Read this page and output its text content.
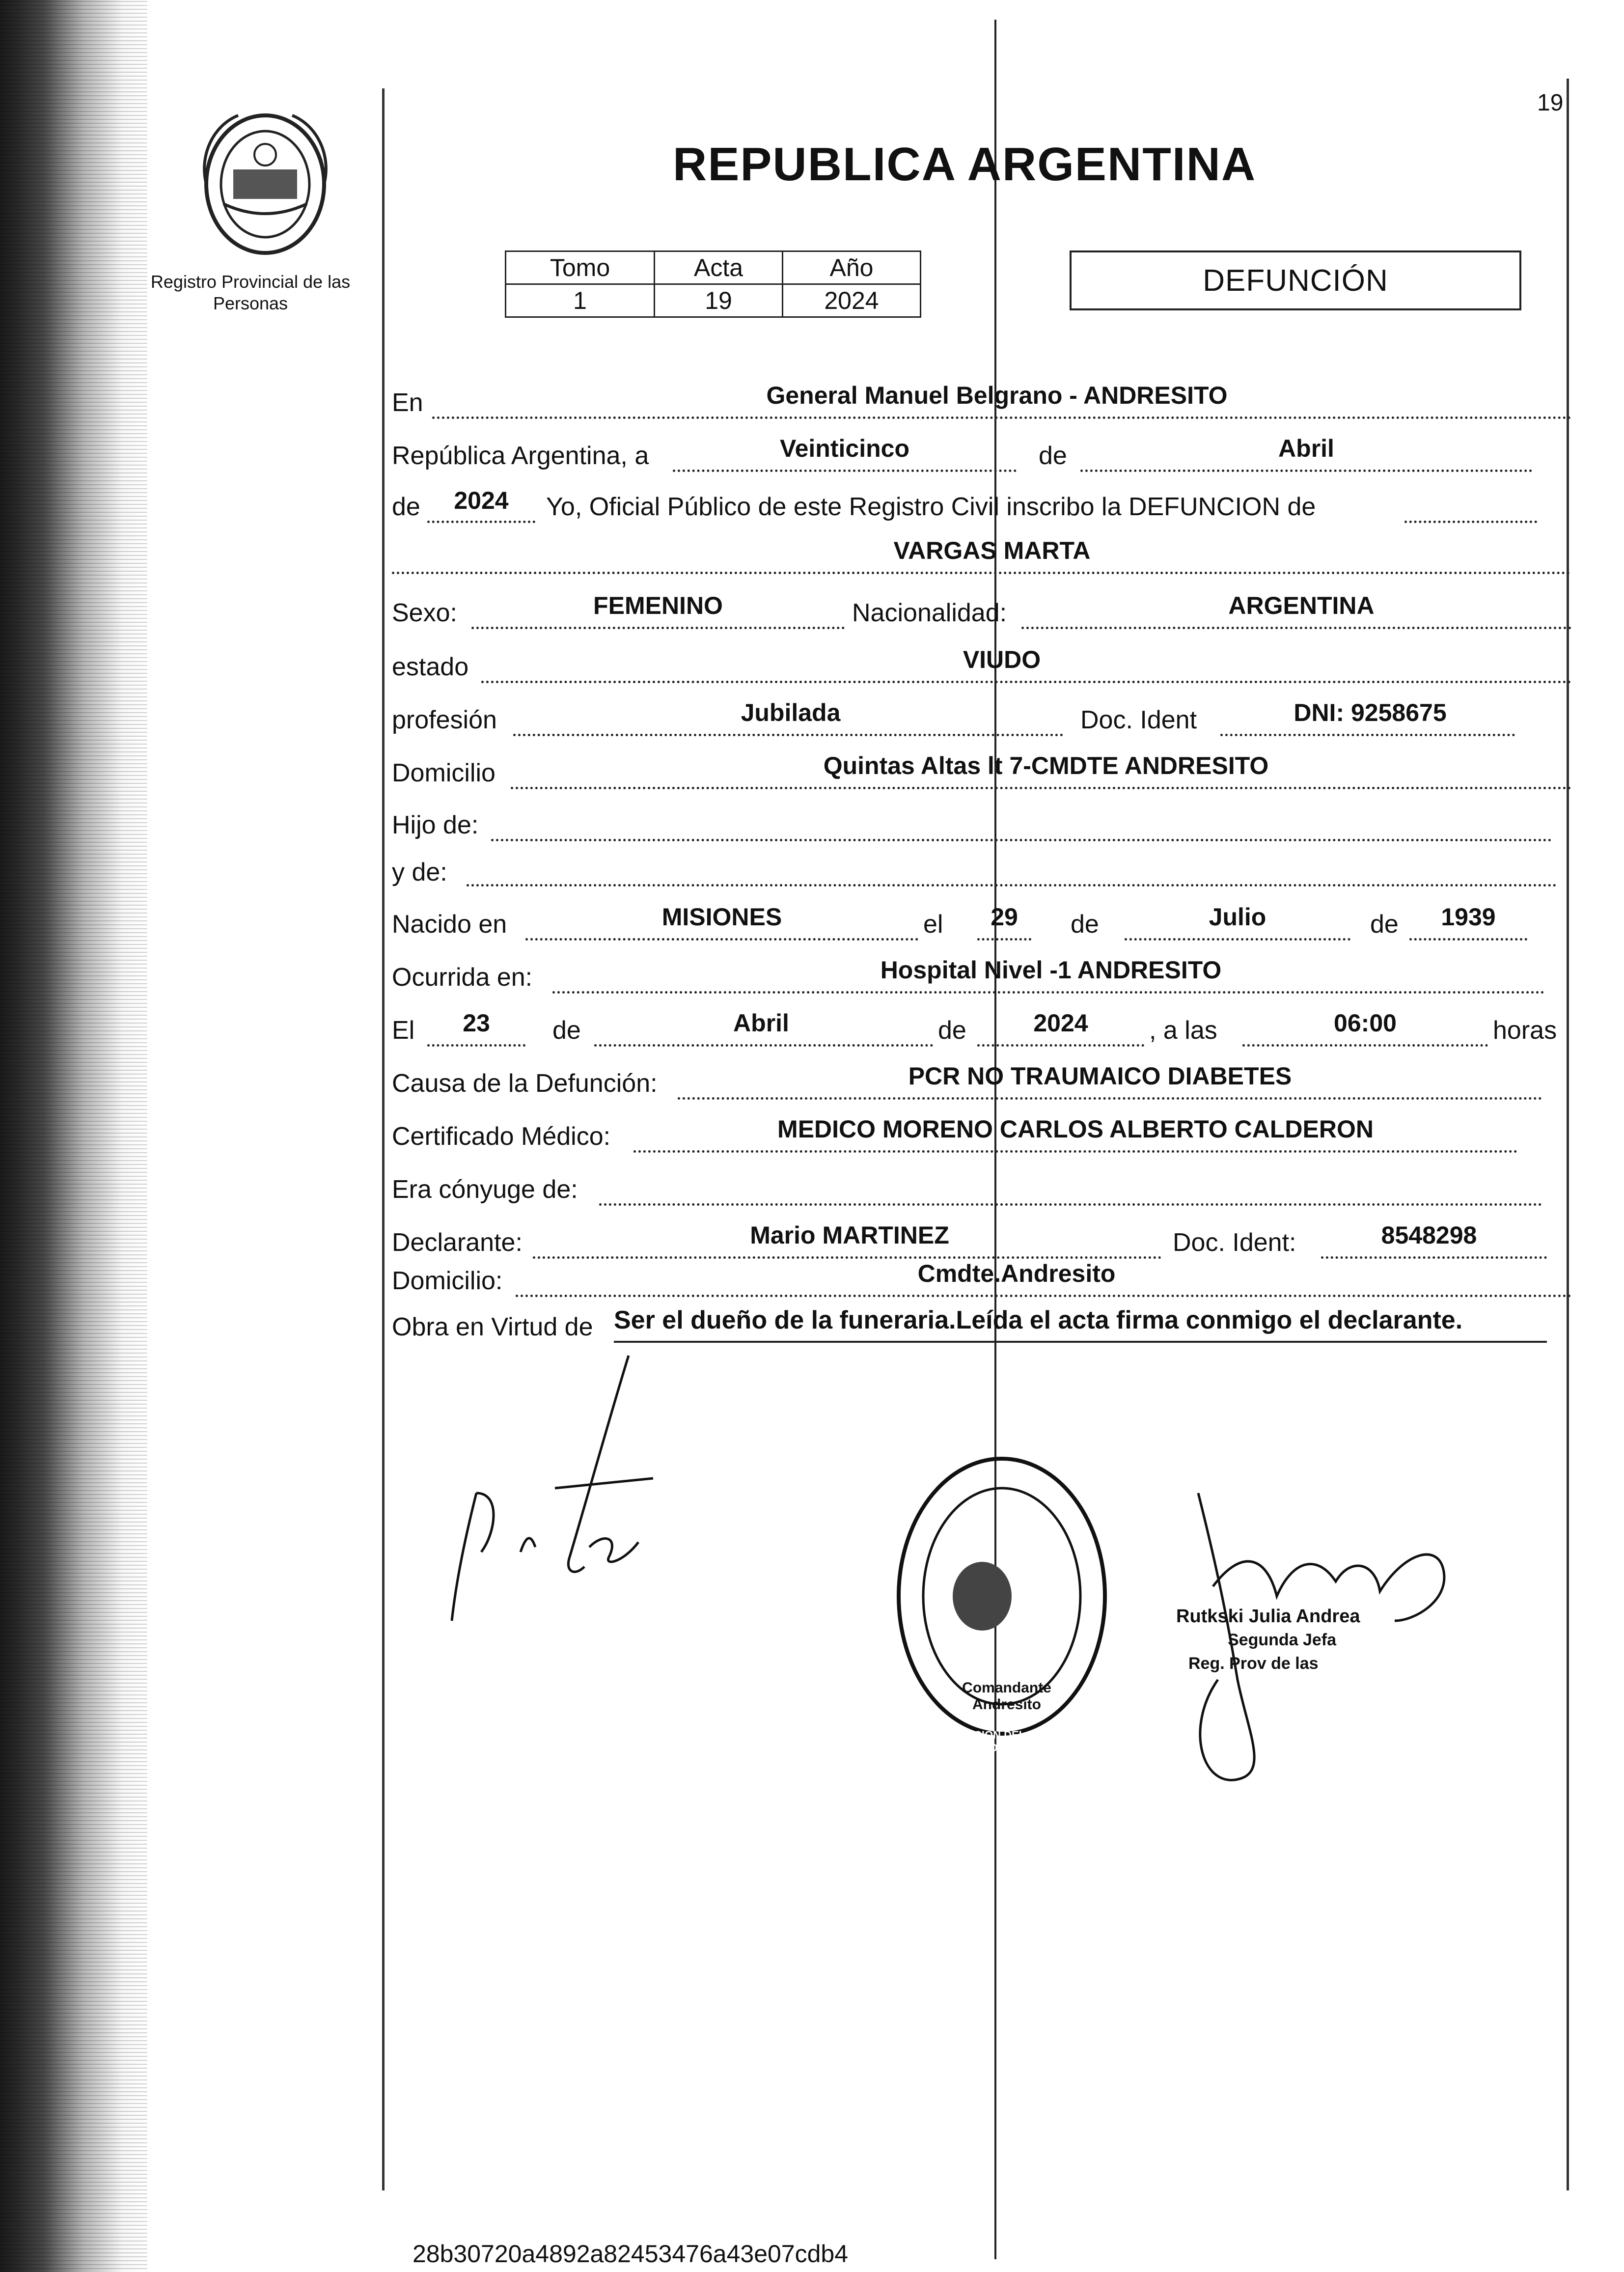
Registro Provincial de las Personas
19
REPUBLICA ARGENTINA
Tomo	Acta	Año
1	19	2024
DEFUNCIÓN
En	General Manuel Belgrano - ANDRESITO
República Argentina, a	Veinticinco	de	Abril
de	2024	Yo, Oficial Público de este Registro Civil inscribo la DEFUNCION de
VARGAS MARTA
Sexo:	FEMENINO	Nacionalidad:	ARGENTINA
estado	VIUDO
profesión	Jubilada	Doc. Ident	DNI: 9258675
Domicilio	Quintas Altas lt 7-CMDTE ANDRESITO
Hijo de:
y de:
Nacido en	MISIONES	el	29	de	Julio	de	1939
Ocurrida en:	Hospital Nivel -1 ANDRESITO
El	23	de	Abril	de	2024	, a las	06:00	horas
Causa de la Defunción:	PCR NO TRAUMAICO DIABETES
Certificado Médico:	MEDICO MORENO CARLOS ALBERTO CALDERON
Era cónyuge de:
Declarante:	Mario MARTINEZ	Doc. Ident:	8548298
Domicilio:	Cmdte.Andresito
Obra en Virtud de Ser el dueño de la funeraria.Leída el acta firma conmigo el declarante.
DELEGACION DEL REGISTRO PROVINCIAL DE LAS PERSONAS
Comandante Andresito
Rutkski Julia Andrea
Segunda Jefa
Reg. Prov de las
28b30720a4892a82453476a43e07cdb4
